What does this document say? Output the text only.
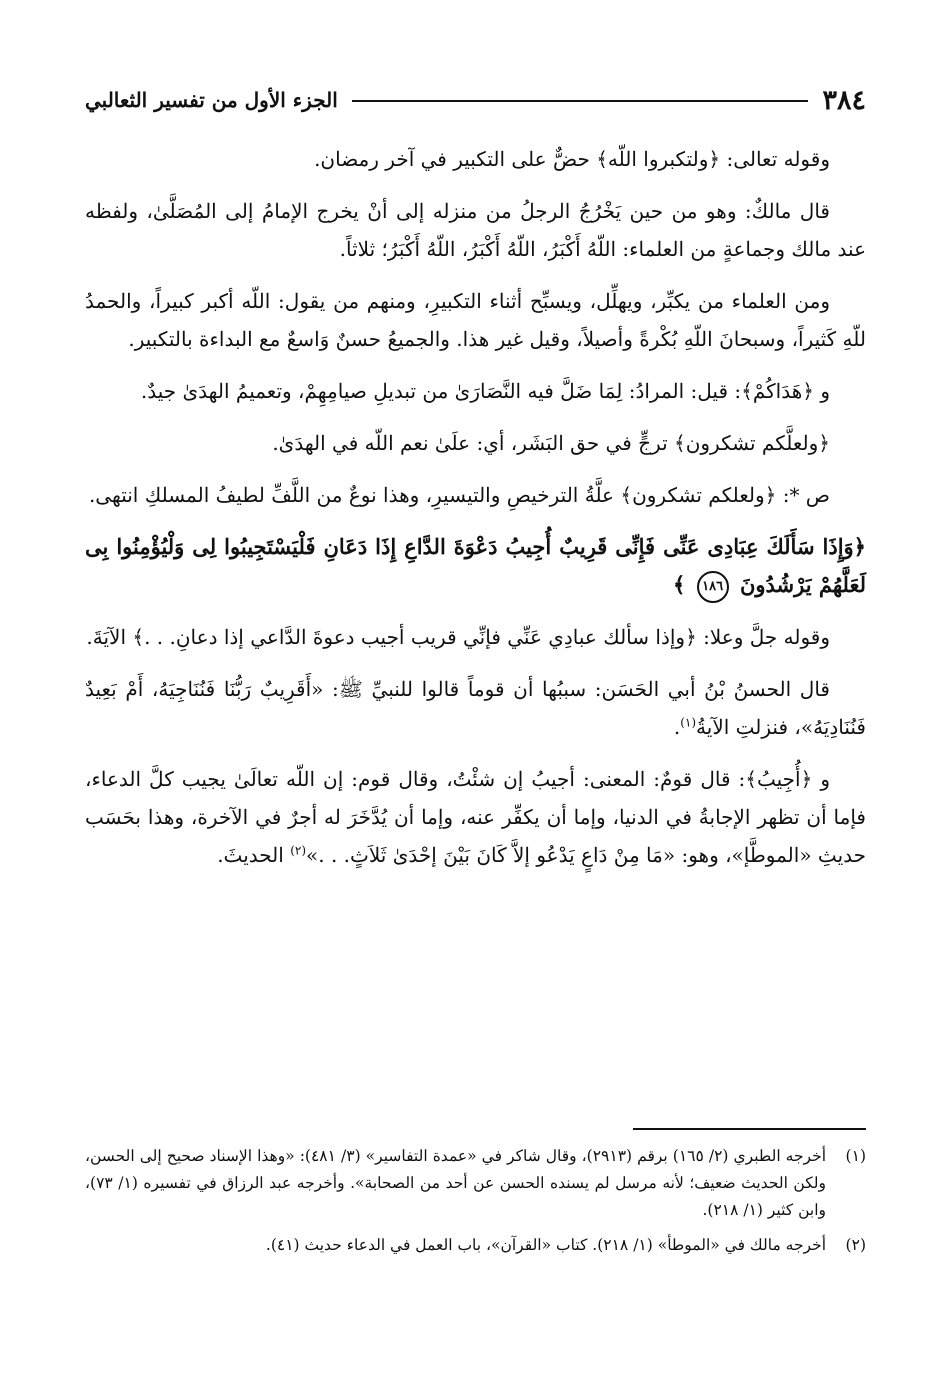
٣٨٤
الجزء الأول من تفسير الثعالبي

وقوله تعالى: ﴿ولتكبروا اللّه﴾ حضٌّ على التكبير في آخر رمضان.

قال مالكٌ: وهو من حين يَخْرُجُ الرجلُ من منزله إلى أنْ يخرج الإمامُ إلى المُصَلَّىٰ، ولفظه عند مالك وجماعةٍ من العلماء: اللّهُ أَكْبَرُ، اللّهُ أَكْبَرُ، اللّهُ أَكْبَرُ؛ ثلاثاً.

ومن العلماء من يكبِّر، ويهلِّل، ويسبِّح أثناء التكبيرِ، ومنهم من يقول: اللّه أكبر كبيراً، والحمدُ للّهِ كَثيراً، وسبحانَ اللّهِ بُكْرةً وأصيلاً، وقيل غير هذا. والجميعُ حسنٌ وَاسعٌ مع البداءة بالتكبير.

و ﴿هَدَاكُمْ﴾: قيل: المرادُ: لِمَا ضَلَّ فيه النَّصَارَىٰ من تبديلِ صيامِهِمْ، وتعميمُ الهدَىٰ جيدٌ.

﴿ولعلَّكم تشكرون﴾ ترجٍّ في حق البَشَر، أي: علَىٰ نعم اللّه في الهدَىٰ.

ص *: ﴿ولعلكم تشكرون﴾ علَّةُ الترخيصِ والتيسيرِ، وهذا نوعٌ من اللَّفِّ لطيفُ المسلكِ انتهى.

﴿وَإِذَا سَأَلَكَ عِبَادِى عَنِّى فَإِنِّى قَرِيبٌ أُجِيبُ دَعْوَةَ الدَّاعِ إِذَا دَعَانِ فَلْيَسْتَجِيبُوا لِى وَلْيُؤْمِنُوا بِى لَعَلَّهُمْ يَرْشُدُونَ ١٨٦ ﴾

وقوله جلَّ وعلا: ﴿وإذا سألك عبادِي عَنِّي فإنِّي قريب أجيب دعوةَ الدَّاعي إذا دعانِ. . .﴾ الآيَةَ.

قال الحسنُ بْنُ أبي الحَسَن: سببُها أن قوماً قالوا للنبيِّ ﷺ: «أَقَرِيبٌ رَبُّنَا فَنُنَاجِيَهُ، أَمْ بَعِيدٌ فَنُنَادِيَهُ»، فنزلتِ الآيةُ$^{(١)}$.

و ﴿أُجِيبُ﴾: قال قومٌ: المعنى: أجيبُ إن شئْتُ، وقال قوم: إن اللّه تعالَىٰ يجيب كلَّ الدعاء، فإما أن تظهر الإجابةُ في الدنيا، وإما أن يكفِّر عنه، وإما أن يُدَّخَرَ له أجرٌ في الآخرة، وهذا بحَسَب حديثِ «الموطَّإ»، وهو: «مَا مِنْ دَاعٍ يَدْعُو إلاَّ كَانَ بَيْنَ إحْدَىٰ ثَلاَثٍ. . .»$^{(٢)}$ الحديثَ.

(١)
أخرجه الطبري (٢/ ١٦٥) برقم (٢٩١٣)، وقال شاكر في «عمدة التفاسير» (٣/ ٤٨١): «وهذا الإسناد صحيح إلى الحسن، ولكن الحديث ضعيف؛ لأنه مرسل لم يسنده الحسن عن أحد من الصحابة». وأخرجه عبد الرزاق في تفسيره (١/ ٧٣)، وابن كثير (١/ ٢١٨).
(٢)
أخرجه مالك في «الموطأ» (١/ ٢١٨). كتاب «القرآن»، باب العمل في الدعاء حديث (٤١).
